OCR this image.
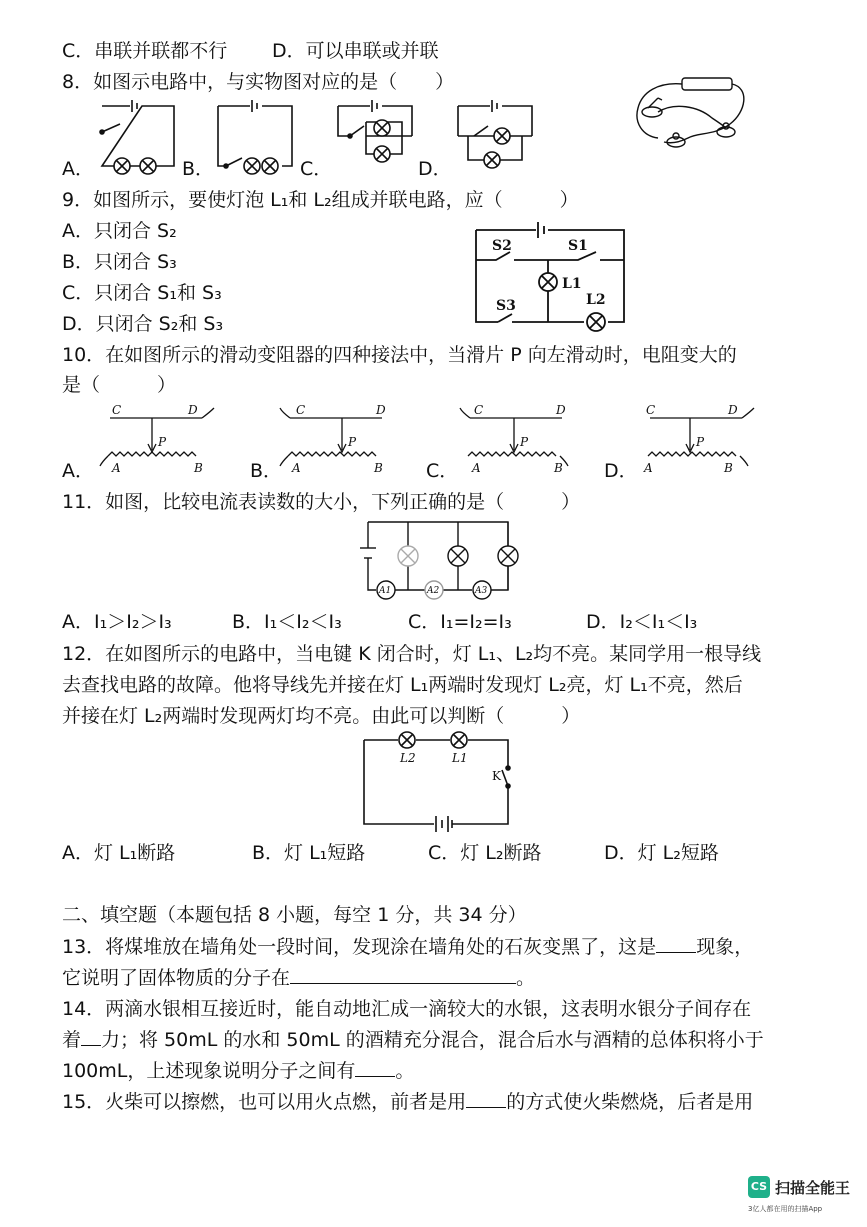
C．串联并联都不行 D．可以串联或并联
8．如图示电路中，与实物图对应的是（　　）
A．	B．	C．	D．
9．如图所示，要使灯泡 L₁和 L₂组成并联电路，应（　　　）
A．只闭合 S₂
B．只闭合 S₃
C．只闭合 S₁和 S₃
D．只闭合 S₂和 S₃
S2	S1
L1
S3	L2
10．在如图所示的滑动变阻器的四种接法中，当滑片 P 向左滑动时，电阻变大的
是（　　　）
A．	B．	C．	D．
C	D
P
A	B
C	D
P
A	B
C	D
P
A	B
C	D
P
A	B
11．如图，比较电流表读数的大小，下列正确的是（　　　）
A1	A2	A3
A．I₁＞I₂＞I₃	B．I₁＜I₂＜I₃	C．I₁=I₂=I₃	D．I₂＜I₁＜I₃
12．在如图所示的电路中，当电键 K 闭合时，灯 L₁、L₂均不亮。某同学用一根导线
去查找电路的故障。他将导线先并接在灯 L₁两端时发现灯 L₂亮，灯 L₁不亮，然后
并接在灯 L₂两端时发现两灯均不亮。由此可以判断（　　　）
L2	L1
K
A．灯 L₁断路	B．灯 L₁短路	C．灯 L₂断路	D．灯 L₂短路
二、填空题（本题包括 8 小题，每空 1 分，共 34 分）
13．将煤堆放在墙角处一段时间，发现涂在墙角处的石灰变黑了，这是 现象，
它说明了固体物质的分子在	。
14．两滴水银相互接近时，能自动地汇成一滴较大的水银，这表明水银分子间存在
着 力；将 50mL 的水和 50mL 的酒精充分混合，混合后水与酒精的总体积将小于
100mL，上述现象说明分子之间有 。
15．火柴可以擦燃，也可以用火点燃，前者是用 的方式使火柴燃烧，后者是用
CS 扫描全能王
3亿人都在用的扫描App
